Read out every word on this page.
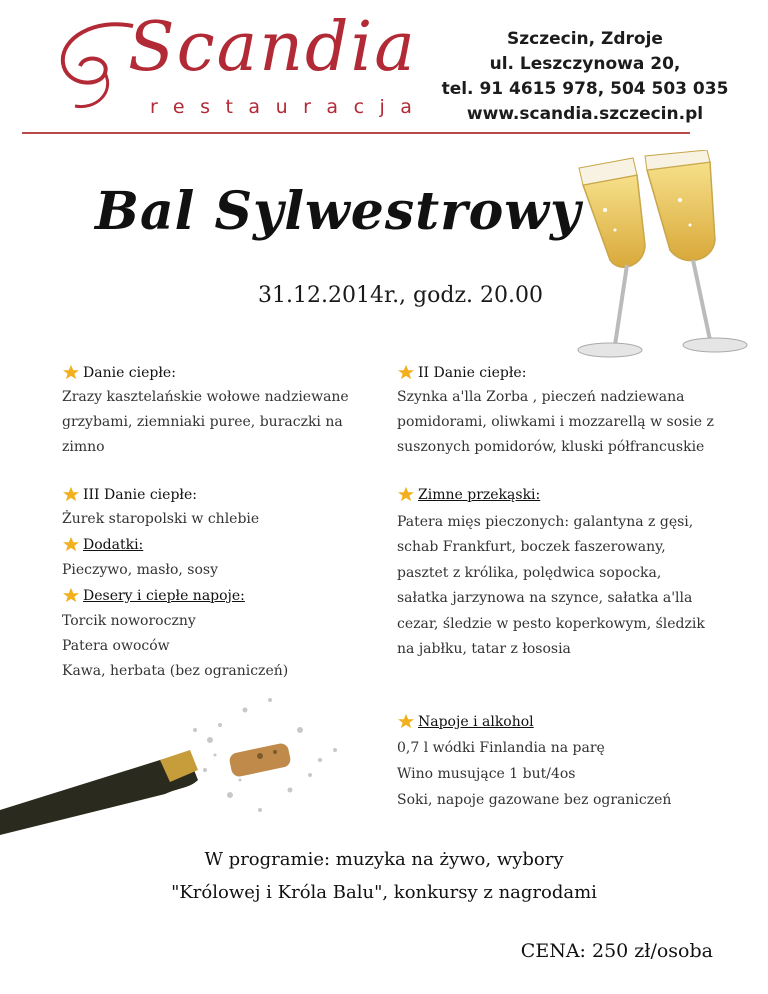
Scandia
restauracja
Szczecin, Zdroje
ul. Leszczynowa 20,
tel. 91 4615 978, 504 503 035
www.scandia.szczecin.pl
Bal Sylwestrowy
31.12.2014r., godz. 20.00
Danie ciepłe:
Zrazy kasztelańskie wołowe nadziewane
grzybami, ziemniaki puree, buraczki na
zimno
III Danie ciepłe:
Żurek staropolski w chlebie
Dodatki:
Pieczywo, masło, sosy
Desery i ciepłe napoje:
Torcik noworoczny
Patera owoców
Kawa, herbata (bez ograniczeń)
II Danie ciepłe:
Szynka a'lla Zorba , pieczeń nadziewana
pomidorami, oliwkami i mozzarellą w sosie z
suszonych pomidorów, kluski półfrancuskie
Zimne przekąski:
Patera mięs pieczonych: galantyna z gęsi,
schab Frankfurt, boczek faszerowany,
pasztet z królika, polędwica sopocka,
sałatka jarzynowa na szynce, sałatka a'lla
cezar, śledzie w pesto koperkowym, śledzik
na jabłku, tatar z łososia
Napoje i alkohol
0,7 l wódki Finlandia na parę
Wino musujące 1 but/4os
Soki, napoje gazowane bez ograniczeń
W programie: muzyka na żywo, wybory
"Królowej i Króla Balu", konkursy z nagrodami
CENA: 250 zł/osoba
